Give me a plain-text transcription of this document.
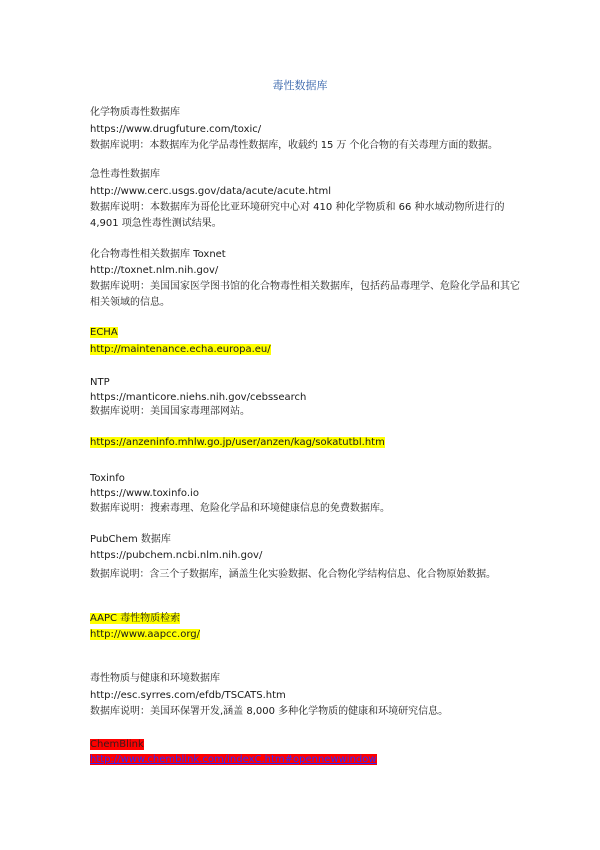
毒性数据库
化学物质毒性数据库
https://www.drugfuture.com/toxic/
数据库说明：本数据库为化学品毒性数据库，收载约 15 万 个化合物的有关毒理方面的数据。
急性毒性数据库
http://www.cerc.usgs.gov/data/acute/acute.html
数据库说明：本数据库为哥伦比亚环境研究中心对 410 种化学物质和 66 种水域动物所进行的 4,901 项急性毒性测试结果。
化合物毒性相关数据库 Toxnet
http://toxnet.nlm.nih.gov/
数据库说明：美国国家医学图书馆的化合物毒性相关数据库，包括药品毒理学、危险化学品和其它相关领域的信息。
ECHA
http://maintenance.echa.europa.eu/
NTP
https://manticore.niehs.nih.gov/cebssearch
数据库说明：美国国家毒理部网站。
https://anzeninfo.mhlw.go.jp/user/anzen/kag/sokatutbl.htm
Toxinfo
https://www.toxinfo.io
数据库说明：搜索毒理、危险化学品和环境健康信息的免费数据库。
PubChem 数据库
https://pubchem.ncbi.nlm.nih.gov/
数据库说明：含三个子数据库，涵盖生化实验数据、化合物化学结构信息、化合物原始数据。
AAPC 毒性物质检索
http://www.aapcc.org/
毒性物质与健康和环境数据库
http://esc.syrres.com/efdb/TSCATS.htm
数据库说明：美国环保署开发,涵盖 8,000 多种化学物质的健康和环境研究信息。
ChemBlink
http://www.chemblink.com/indexC.htm#opennewwindow
